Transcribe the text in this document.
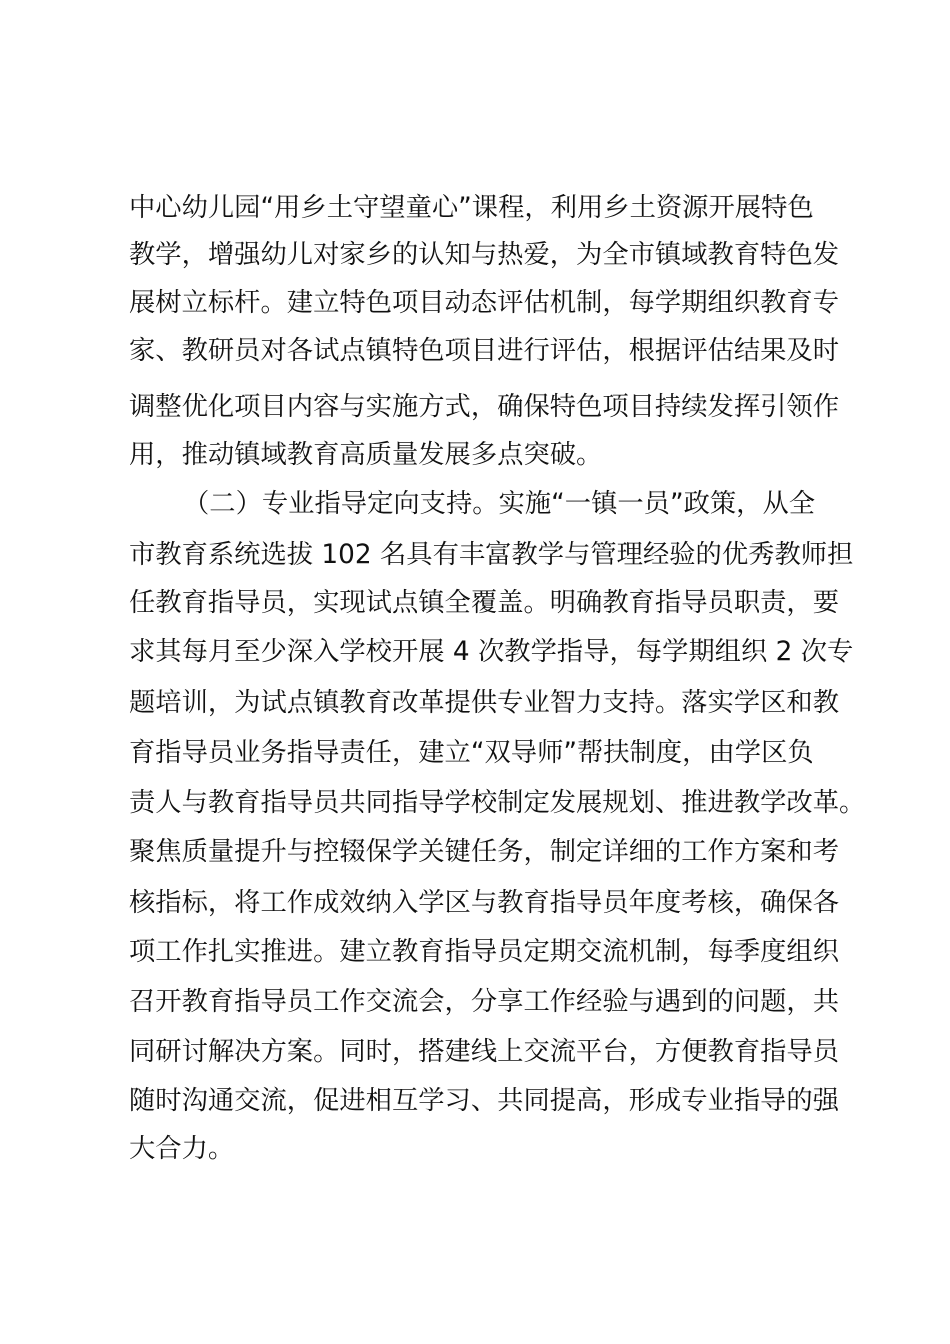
中心幼儿园“用乡土守望童心”课程，利用乡土资源开展特色
教学，增强幼儿对家乡的认知与热爱，为全市镇域教育特色发
展树立标杆。建立特色项目动态评估机制，每学期组织教育专
家、教研员对各试点镇特色项目进行评估，根据评估结果及时
调整优化项目内容与实施方式，确保特色项目持续发挥引领作
用，推动镇域教育高质量发展多点突破。
（二）专业指导定向支持。实施“一镇一员”政策，从全
市教育系统选拔 102 名具有丰富教学与管理经验的优秀教师担
任教育指导员，实现试点镇全覆盖。明确教育指导员职责，要
求其每月至少深入学校开展 4 次教学指导，每学期组织 2 次专
题培训，为试点镇教育改革提供专业智力支持。落实学区和教
育指导员业务指导责任，建立“双导师”帮扶制度，由学区负
责人与教育指导员共同指导学校制定发展规划、推进教学改革。
聚焦质量提升与控辍保学关键任务，制定详细的工作方案和考
核指标，将工作成效纳入学区与教育指导员年度考核，确保各
项工作扎实推进。建立教育指导员定期交流机制，每季度组织
召开教育指导员工作交流会，分享工作经验与遇到的问题，共
同研讨解决方案。同时，搭建线上交流平台，方便教育指导员
随时沟通交流，促进相互学习、共同提高，形成专业指导的强
大合力。
